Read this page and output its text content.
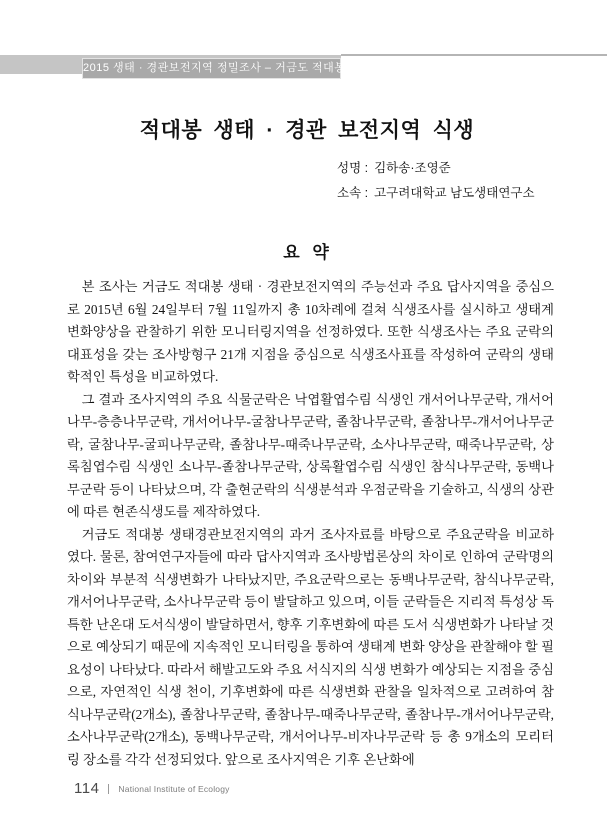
2015 생태 · 경관보전지역 정밀조사 – 거금도 적대봉
적대봉 생태 · 경관 보전지역 식생
성명 : 김하송·조영준
소속 : 고구려대학교 남도생태연구소
요 약

본 조사는 거금도 적대봉 생태 · 경관보전지역의 주능선과 주요 답사지역을 중심으로 2015년 6월 24일부터 7월 11일까지 총 10차례에 걸쳐 식생조사를 실시하고 생태계 변화양상을 관찰하기 위한 모니터링지역을 선정하였다. 또한 식생조사는 주요 군락의 대표성을 갖는 조사방형구 21개 지점을 중심으로 식생조사표를 작성하여 군락의 생태학적인 특성을 비교하였다.

그 결과 조사지역의 주요 식물군락은 낙엽활엽수림 식생인 개서어나무군락, 개서어나무-층층나무군락, 개서어나무-굴참나무군락, 졸참나무군락, 졸참나무-개서어나무군락, 굴참나무-굴피나무군락, 졸참나무-때죽나무군락, 소사나무군락, 때죽나무군락, 상록침엽수림 식생인 소나무-졸참나무군락, 상록활엽수림 식생인 참식나무군락, 동백나무군락 등이 나타났으며, 각 출현군락의 식생분석과 우점군락을 기술하고, 식생의 상관에 따른 현존식생도를 제작하였다.

거금도 적대봉 생태경관보전지역의 과거 조사자료를 바탕으로 주요군락을 비교하였다. 물론, 참여연구자들에 따라 답사지역과 조사방법론상의 차이로 인하여 군락명의 차이와 부분적 식생변화가 나타났지만, 주요군락으로는 동백나무군락, 참식나무군락, 개서어나무군락, 소사나무군락 등이 발달하고 있으며, 이들 군락들은 지리적 특성상 독특한 난온대 도서식생이 발달하면서, 향후 기후변화에 따른 도서 식생변화가 나타날 것으로 예상되기 때문에 지속적인 모니터링을 통하여 생태계 변화 양상을 관찰해야 할 필요성이 나타났다. 따라서 해발고도와 주요 서식지의 식생 변화가 예상되는 지점을 중심으로, 자연적인 식생 천이, 기후변화에 따른 식생변화 관찰을 일차적으로 고려하여 참식나무군락(2개소), 졸참나무군락, 졸참나무-때죽나무군락, 졸참나무-개서어나무군락, 소사나무군락(2개소), 동백나무군락, 개서어나무-비자나무군락 등 총 9개소의 모리터링 장소를 각각 선정되었다. 앞으로 조사지역은 기후 온난화에

114 National Institute of Ecology
